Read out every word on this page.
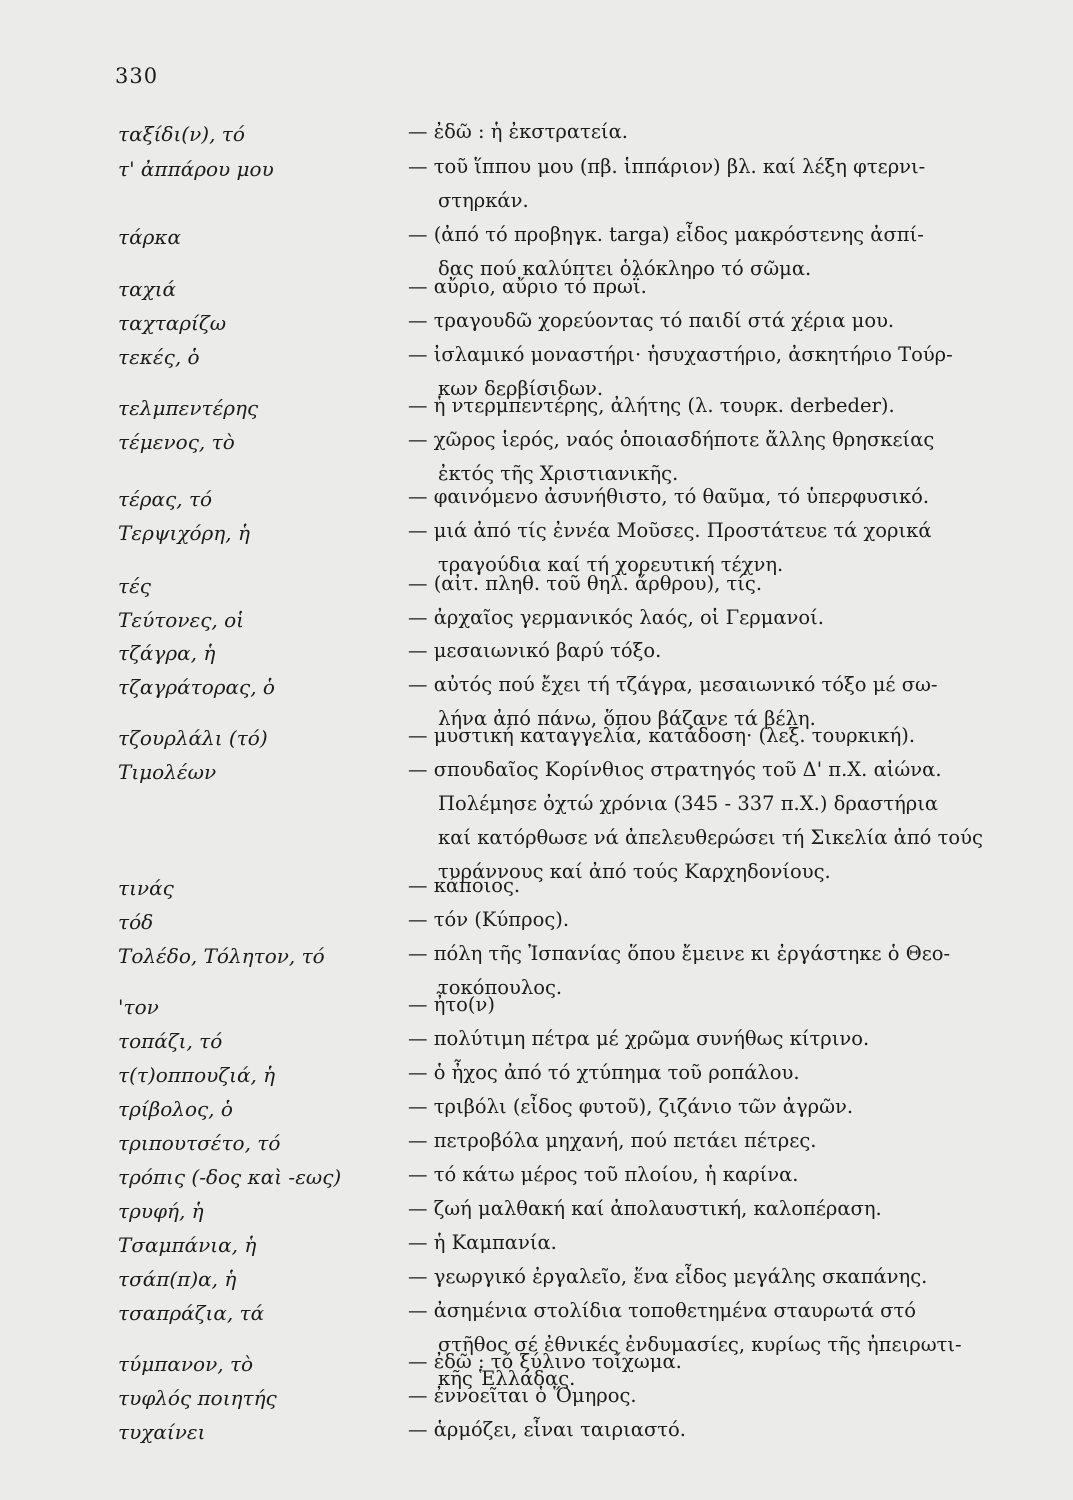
330
ταξίδι(ν), τό	— ἐδῶ : ἡ ἐκστρατεία.
τ' ἀππάρου μου	— τοῦ ἵππου μου (πβ. ἱππάριον) βλ. καί λέξη φτερνι-
στηρκάν.
τάρκα	— (ἀπό τό προβηγκ. targa) εἶδος μακρόστενης ἀσπί-
δας πού καλύπτει ὁλόκληρο τό σῶμα.
ταχιά	— αὔριο, αὔριο τό πρωΐ.
ταχταρίζω	— τραγουδῶ χορεύοντας τό παιδί στά χέρια μου.
τεκές, ὁ	— ἰσλαμικό μοναστήρι· ἡσυχαστήριο, ἀσκητήριο Τούρ-
κων δερβίσιδων.
τελμπεντέρης	— ἡ ντερμπεντέρης, ἀλήτης (λ. τουρκ. derbeder).
τέμενος, τὸ	— χῶρος ἱερός, ναός ὁποιασδήποτε ἄλλης θρησκείας
ἐκτός τῆς Χριστιανικῆς.
τέρας, τό	— φαινόμενο ἀσυνήθιστο, τό θαῦμα, τό ὑπερφυσικό.
Τερψιχόρη, ἡ	— μιά ἀπό τίς ἐννέα Μοῦσες. Προστάτευε τά χορικά
τραγούδια καί τή χορευτική τέχνη.
τές	— (αἰτ. πληθ. τοῦ θηλ. ἄρθρου), τίς.
Τεύτονες, οἱ	— ἀρχαῖος γερμανικός λαός, οἱ Γερμανοί.
τζάγρα, ἡ	— μεσαιωνικό βαρύ τόξο.
τζαγράτορας, ὁ	— αὐτός πού ἔχει τή τζάγρα, μεσαιωνικό τόξο μέ σω-
λήνα ἀπό πάνω, ὅπου βάζανε τά βέλη.
τζουρλάλι (τό)	— μυστική καταγγελία, κατάδοση· (λεξ. τουρκική).
Τιμολέων	— σπουδαῖος Κορίνθιος στρατηγός τοῦ Δ' π.Χ. αἰώνα.
Πολέμησε ὀχτώ χρόνια (345 - 337 π.Χ.) δραστήρια
καί κατόρθωσε νά ἀπελευθερώσει τή Σικελία ἀπό τούς
τυράννους καί ἀπό τούς Καρχηδονίους.
τινάς	— κάποιος.
τόδ	— τόν (Κύπρος).
Τολέδο, Τόλητον, τό	— πόλη τῆς Ἰσπανίας ὅπου ἔμεινε κι ἐργάστηκε ὁ Θεο-
τοκόπουλος.
'τον	— ἦτο(ν)
τοπάζι, τό	— πολύτιμη πέτρα μέ χρῶμα συνήθως κίτρινο.
τ(τ)οππουζιά, ἡ	— ὁ ἦχος ἀπό τό χτύπημα τοῦ ροπάλου.
τρίβολος, ὁ	— τριβόλι (εἶδος φυτοῦ), ζιζάνιο τῶν ἀγρῶν.
τριπουτσέτο, τό	— πετροβόλα μηχανή, πού πετάει πέτρες.
τρόπις (-δος καὶ -εως)	— τό κάτω μέρος τοῦ πλοίου, ἡ καρίνα.
τρυφή, ἡ	— ζωή μαλθακή καί ἀπολαυστική, καλοπέραση.
Τσαμπάνια, ἡ	— ἡ Καμπανία.
τσάπ(π)α, ἡ	— γεωργικό ἐργαλεῖο, ἕνα εἶδος μεγάλης σκαπάνης.
τσαπράζια, τά	— ἀσημένια στολίδια τοποθετημένα σταυρωτά στό
στῆθος σέ ἐθνικές ἐνδυμασίες, κυρίως τῆς ἠπειρωτι-
κῆς Ἑλλάδας.
τύμπανον, τὸ	— ἐδῶ : τό ξύλινο τοίχωμα.
τυφλός ποιητής	— ἐννοεῖται ὁ Ὅμηρος.
τυχαίνει	— ἁρμόζει, εἶναι ταιριαστό.
